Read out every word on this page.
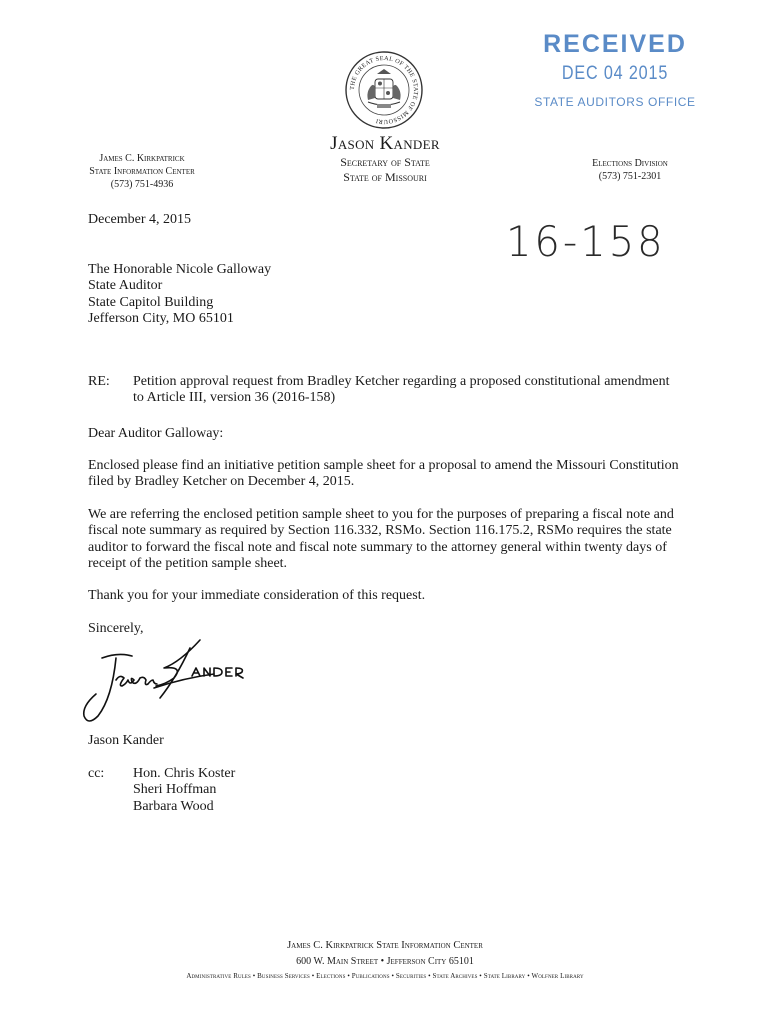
RECEIVED
DEC 04 2015
STATE AUDITORS OFFICE
THE GREAT SEAL OF THE STATE OF MISSOURI
Jason Kander
Secretary of State
State of Missouri
James C. Kirkpatrick
State Information Center
(573) 751-4936
Elections Division
(573) 751-2301
16-158
December 4, 2015
The Honorable Nicole Galloway
State Auditor
State Capitol Building
Jefferson City, MO 65101
RE: Petition approval request from Bradley Ketcher regarding a proposed constitutional amendment
to Article III, version 36 (2016-158)
Dear Auditor Galloway:
Enclosed please find an initiative petition sample sheet for a proposal to amend the Missouri Constitution
filed by Bradley Ketcher on December 4, 2015.
We are referring the enclosed petition sample sheet to you for the purposes of preparing a fiscal note and
fiscal note summary as required by Section 116.332, RSMo. Section 116.175.2, RSMo requires the state
auditor to forward the fiscal note and fiscal note summary to the attorney general within twenty days of
receipt of the petition sample sheet.
Thank you for your immediate consideration of this request.
Sincerely,
Jason Kander
cc: Hon. Chris Koster
Sheri Hoffman
Barbara Wood
James C. Kirkpatrick State Information Center
600 W. Main Street • Jefferson City 65101
Administrative Rules • Business Services • Elections • Publications • Securities • State Archives • State Library • Wolfner Library
